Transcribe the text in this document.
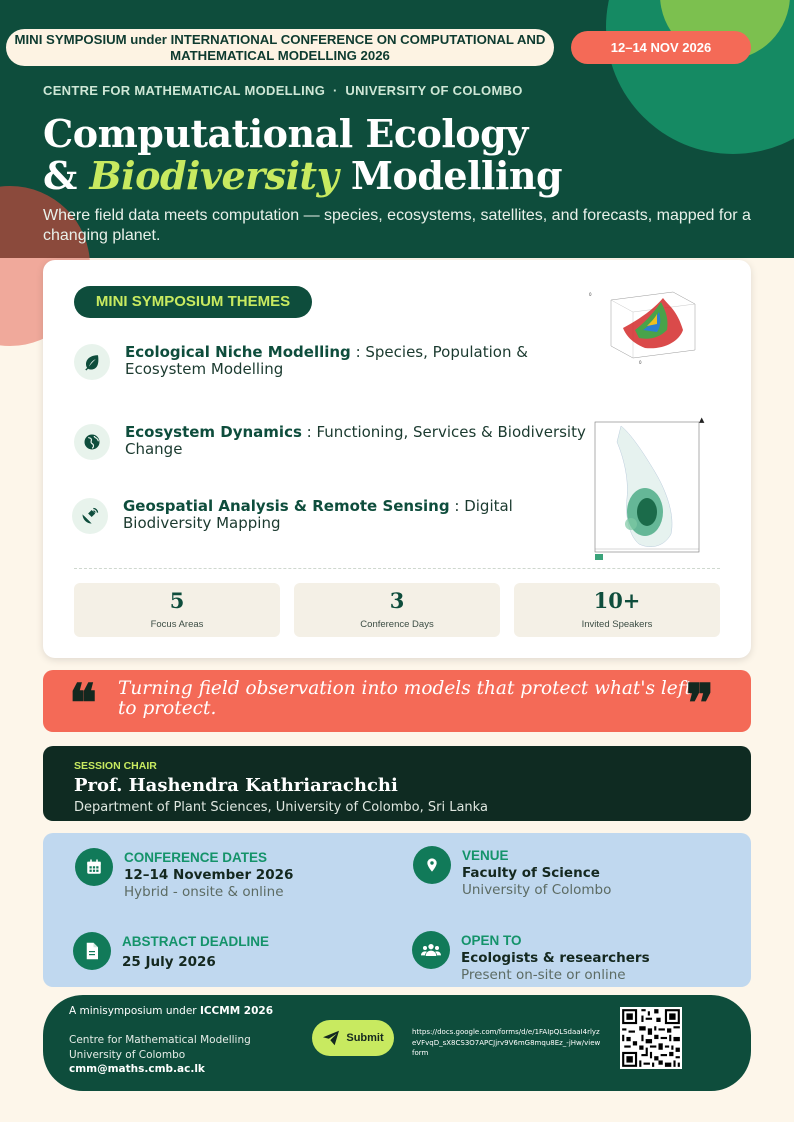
MINI SYMPOSIUM under INTERNATIONAL CONFERENCE ON COMPUTATIONAL AND MATHEMATICAL MODELLING 2026
12–14 NOV 2026
CENTRE FOR MATHEMATICAL MODELLING  ·  UNIVERSITY OF COLOMBO
Computational Ecology
& Biodiversity Modelling
Where field data meets computation — species, ecosystems, satellites, and forecasts, mapped for a changing planet.
MINI SYMPOSIUM THEMES
Ecological Niche Modelling : Species, Population & Ecosystem Modelling
Ecosystem Dynamics : Functioning, Services & Biodiversity Change
Geospatial Analysis & Remote Sensing : Digital Biodiversity Mapping
0
0
▲
5
Focus Areas
3
Conference Days
10+
Invited Speakers
❝ Turning field observation into models that protect what's left to protect.	❞
SESSION CHAIR
Prof. Hashendra Kathriarachchi
Department of Plant Sciences, University of Colombo, Sri Lanka
CONFERENCE DATES
12–14 November 2026
Hybrid - onsite & online
VENUE
Faculty of Science
University of Colombo
ABSTRACT DEADLINE
25 July 2026
OPEN TO
Ecologists & researchers
Present on-site or online
A minisymposium under ICCMM 2026
Centre for Mathematical Modelling
University of Colombo
cmm@maths.cmb.ac.lk
Submit	https://docs.google.com/forms/d/e/1FAIpQLSdaaI4rlyzeVFvqD_sX8CS3O7APCJjrv9V6mG8mqu8Ez_-jHw/viewform
